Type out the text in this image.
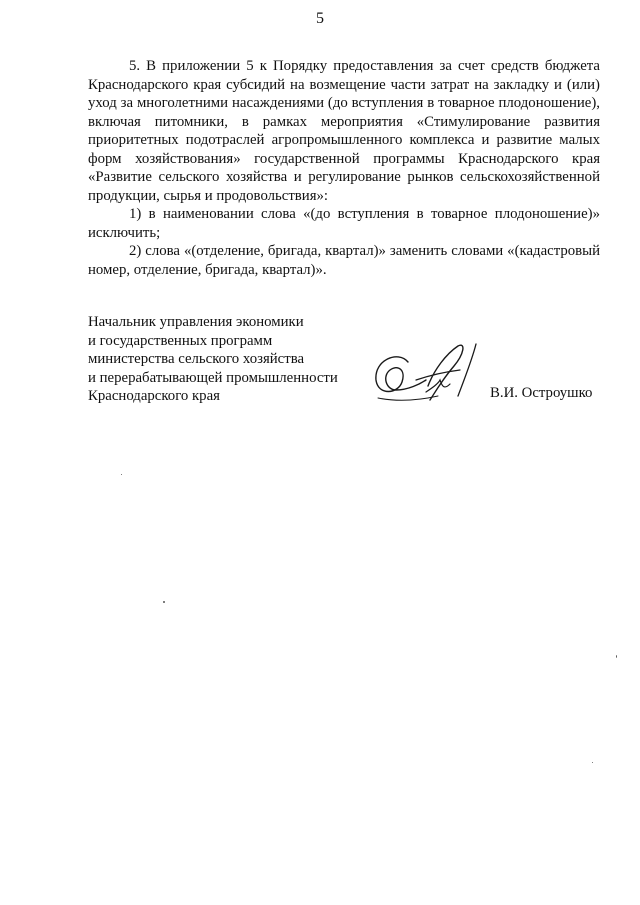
5

5. В приложении 5 к Порядку предоставления за счет средств бюджета Краснодарского края субсидий на возмещение части затрат на закладку и (или) уход за многолетними насаждениями (до вступления в товарное плодоношение), включая питомники, в рамках мероприятия «Стимулирование развития приоритетных подотраслей агропромышленного комплекса и развитие малых форм хозяйствования» государственной программы Краснодарского края «Развитие сельского хозяйства и регулирование рынков сельскохозяйственной продукции, сырья и продовольствия»:

1) в наименовании слова «(до вступления в товарное плодоношение)» исключить;

2) слова «(отделение, бригада, квартал)» заменить словами «(кадастровый номер, отделение, бригада, квартал)».

Начальник управления экономики
и государственных программ
министерства сельского хозяйства
и перерабатывающей промышленности
Краснодарского края	В.И. Остроушко
